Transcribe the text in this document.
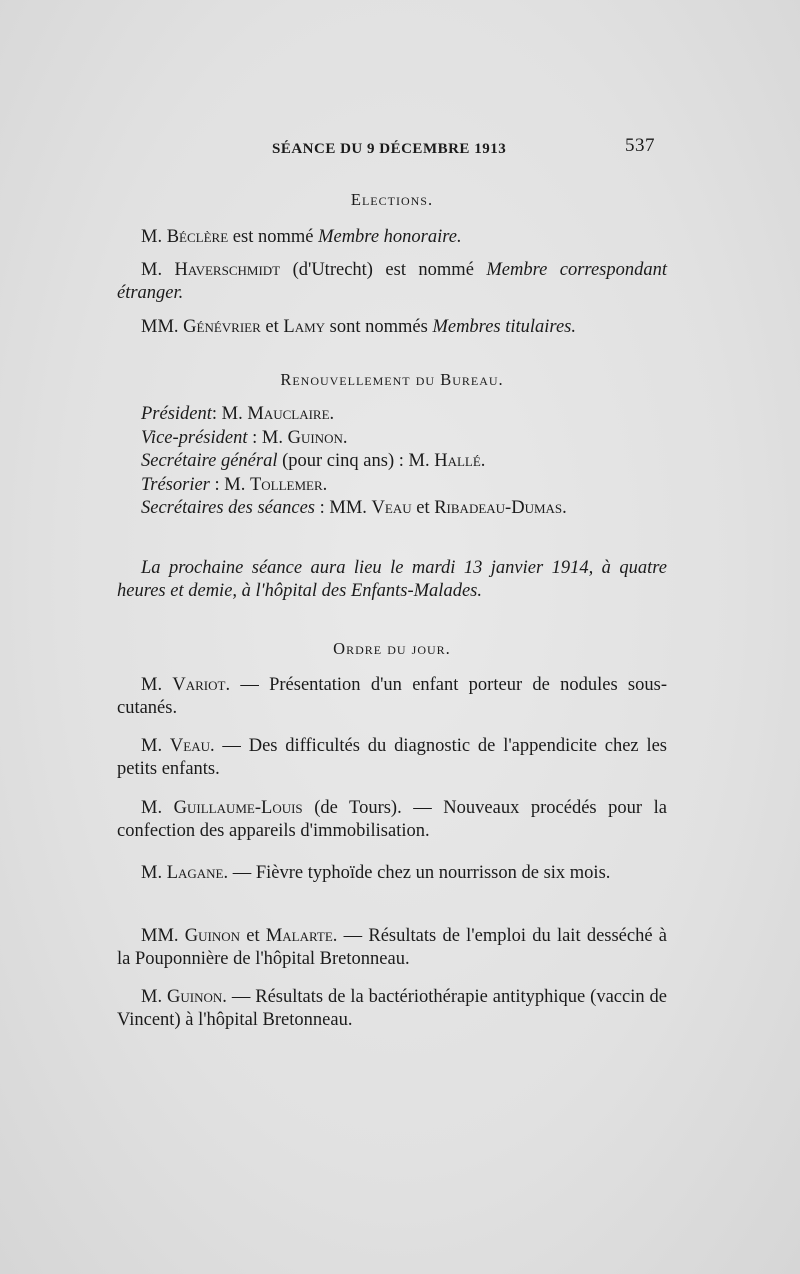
SÉANCE DU 9 DÉCEMBRE 1913	537
Elections.
M. Béclère est nommé Membre honoraire.
M. Haverschmidt (d'Utrecht) est nommé Membre correspondant étranger.
MM. Génévrier et Lamy sont nommés Membres titulaires.
Renouvellement du Bureau.
Président: M. Mauclaire.
Vice-président : M. Guinon.
Secrétaire général (pour cinq ans) : M. Hallé.
Trésorier : M. Tollemer.
Secrétaires des séances : MM. Veau et Ribadeau-Dumas.
La prochaine séance aura lieu le mardi 13 janvier 1914, à quatre heures et demie, à l'hôpital des Enfants-Malades.
Ordre du jour.
M. Variot. — Présentation d'un enfant porteur de nodules sous-cutanés.
M. Veau. — Des difficultés du diagnostic de l'appendicite chez les petits enfants.
M. Guillaume-Louis (de Tours). — Nouveaux procédés pour la confection des appareils d'immobilisation.
M. Lagane. — Fièvre typhoïde chez un nourrisson de six mois.
MM. Guinon et Malarte. — Résultats de l'emploi du lait desséché à la Pouponnière de l'hôpital Bretonneau.
M. Guinon. — Résultats de la bactériothérapie antityphique (vaccin de Vincent) à l'hôpital Bretonneau.
